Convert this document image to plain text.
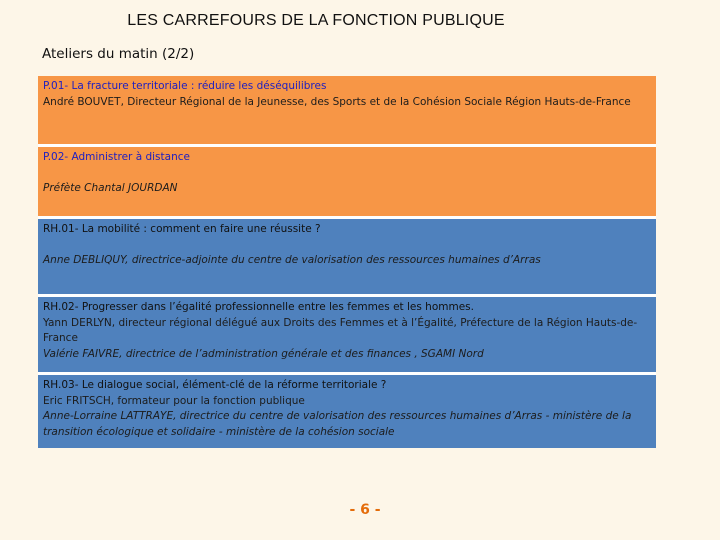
LES CARREFOURS DE LA FONCTION PUBLIQUE
Ateliers du matin (2/2)
P.01- La fracture territoriale : réduire les déséquilibres
André BOUVET, Directeur Régional de la Jeunesse, des Sports et de la Cohésion Sociale Région Hauts-de-France
P.02- Administrer à distance
Préfète Chantal JOURDAN
RH.01- La mobilité : comment en faire une réussite ?
Anne DEBLIQUY, directrice-adjointe du centre de valorisation des ressources humaines d’Arras
RH.02- Progresser dans l’égalité professionnelle entre les femmes et les hommes.
Yann DERLYN, directeur régional délégué aux Droits des Femmes et à l’Égalité, Préfecture de la Région Hauts-de-France
Valérie FAIVRE, directrice de l’administration générale et des finances , SGAMI Nord
RH.03- Le dialogue social, élément-clé de la réforme territoriale ?
Eric FRITSCH, formateur pour la fonction publique
Anne-Lorraine LATTRAYE, directrice du centre de valorisation des ressources humaines d’Arras - ministère de la transition écologique et solidaire - ministère de la cohésion sociale
- 6 -
